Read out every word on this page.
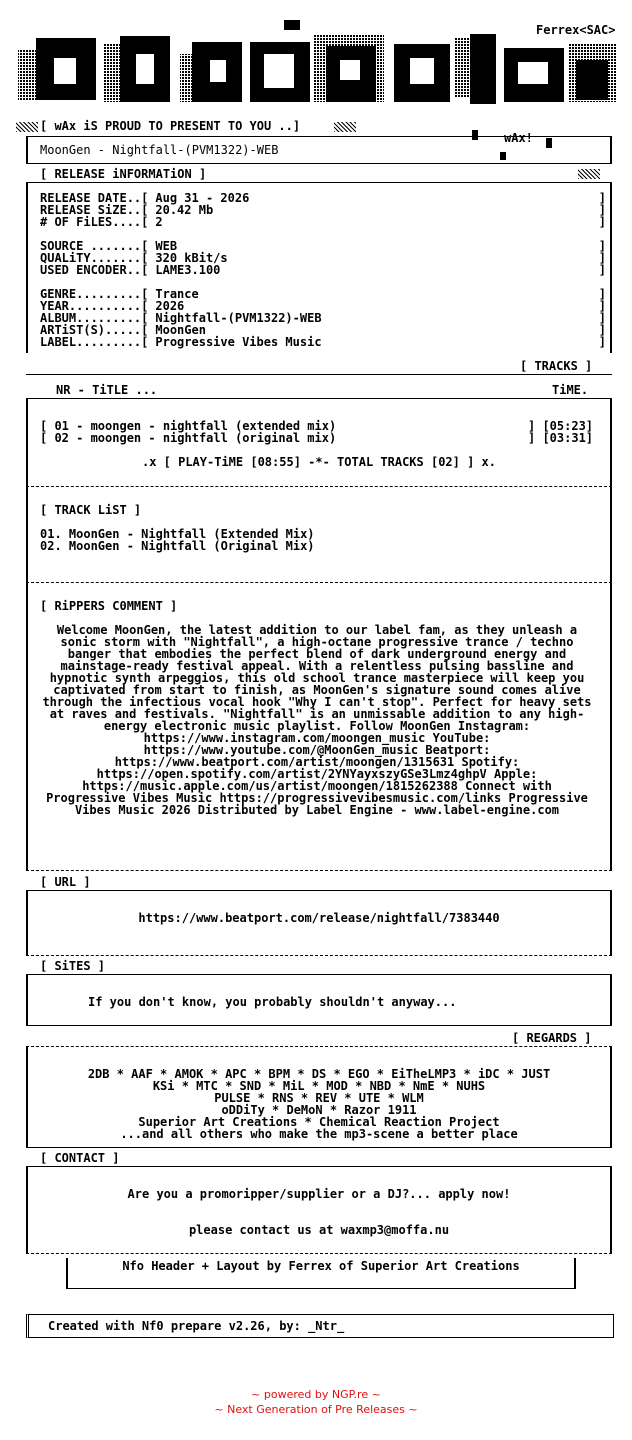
Ferrex<SAC>
[ wAx iS PROUD TO PRESENT TO YOU ..]
wAx!
MoonGen - Nightfall-(PVM1322)-WEB
[ RELEASE iNFORMATiON ]
RELEASE DATE..[ Aug 31 - 2026	]
RELEASE SiZE..[ 20.42 Mb	]
# OF FiLES....[ 2	]
SOURCE .......[ WEB	]
QUALiTY.......[ 320 kBit/s	]
USED ENCODER..[ LAME3.100	]
GENRE.........[ Trance	]
YEAR..........[ 2026	]
ALBUM.........[ Nightfall-(PVM1322)-WEB	]
ARTiST(S).....[ MoonGen	]
LABEL.........[ Progressive Vibes Music	]
[ TRACKS ]
NR - TiTLE ...	TiME.
[ 01 - moongen - nightfall (extended mix)	] [05:23]
[ 02 - moongen - nightfall (original mix)	] [03:31]
.x [ PLAY-TiME [08:55] -*- TOTAL TRACKS [02] ] x.
[ TRACK LiST ]
01. MoonGen - Nightfall (Extended Mix)
02. MoonGen - Nightfall (Original Mix)
[ RiPPERS C0MMENT ]
Welcome MoonGen, the latest addition to our label fam, as they unleash a sonic storm with "Nightfall", a high-octane progressive trance / techno banger that embodies the perfect blend of dark underground energy and mainstage-ready festival appeal. With a relentless pulsing bassline and hypnotic synth arpeggios, this old school trance masterpiece will keep you captivated from start to finish, as MoonGen's signature sound comes alive through the infectious vocal hook "Why I can't stop". Perfect for heavy sets at raves and festivals. "Nightfall" is an unmissable addition to any high-energy electronic music playlist. Follow MoonGen Instagram: https://www.instagram.com/moongen_music YouTube: https://www.youtube.com/@MoonGen_music Beatport: https://www.beatport.com/artist/moongen/1315631 Spotify: https://open.spotify.com/artist/2YNYayxszyGSe3Lmz4ghpV Apple: https://music.apple.com/us/artist/moongen/1815262388 Connect with Progressive Vibes Music https://progressivevibesmusic.com/links Progressive Vibes Music 2026 Distributed by Label Engine - www.label-engine.com
[ URL ]
https://www.beatport.com/release/nightfall/7383440
[ SiTES ]
If you don't know, you probably shouldn't anyway...
[ REGARDS ]
2DB * AAF * AMOK * APC * BPM * DS * EGO * EiTheLMP3 * iDC * JUST
KSi * MTC * SND * MiL * MOD * NBD * NmE * NUHS
PULSE * RNS * REV * UTE * WLM
oDDiTy * DeMoN * Razor 1911
Superior Art Creations * Chemical Reaction Project
...and all others who make the mp3-scene a better place
[ CONTACT ]
Are you a promoripper/supplier or a DJ?... apply now!
please contact us at waxmp3@moffa.nu
Nfo Header + Layout by Ferrex of Superior Art Creations
Created with Nf0 prepare v2.26, by: _Ntr_
~ powered by NGP.re ~
~ Next Generation of Pre Releases ~
